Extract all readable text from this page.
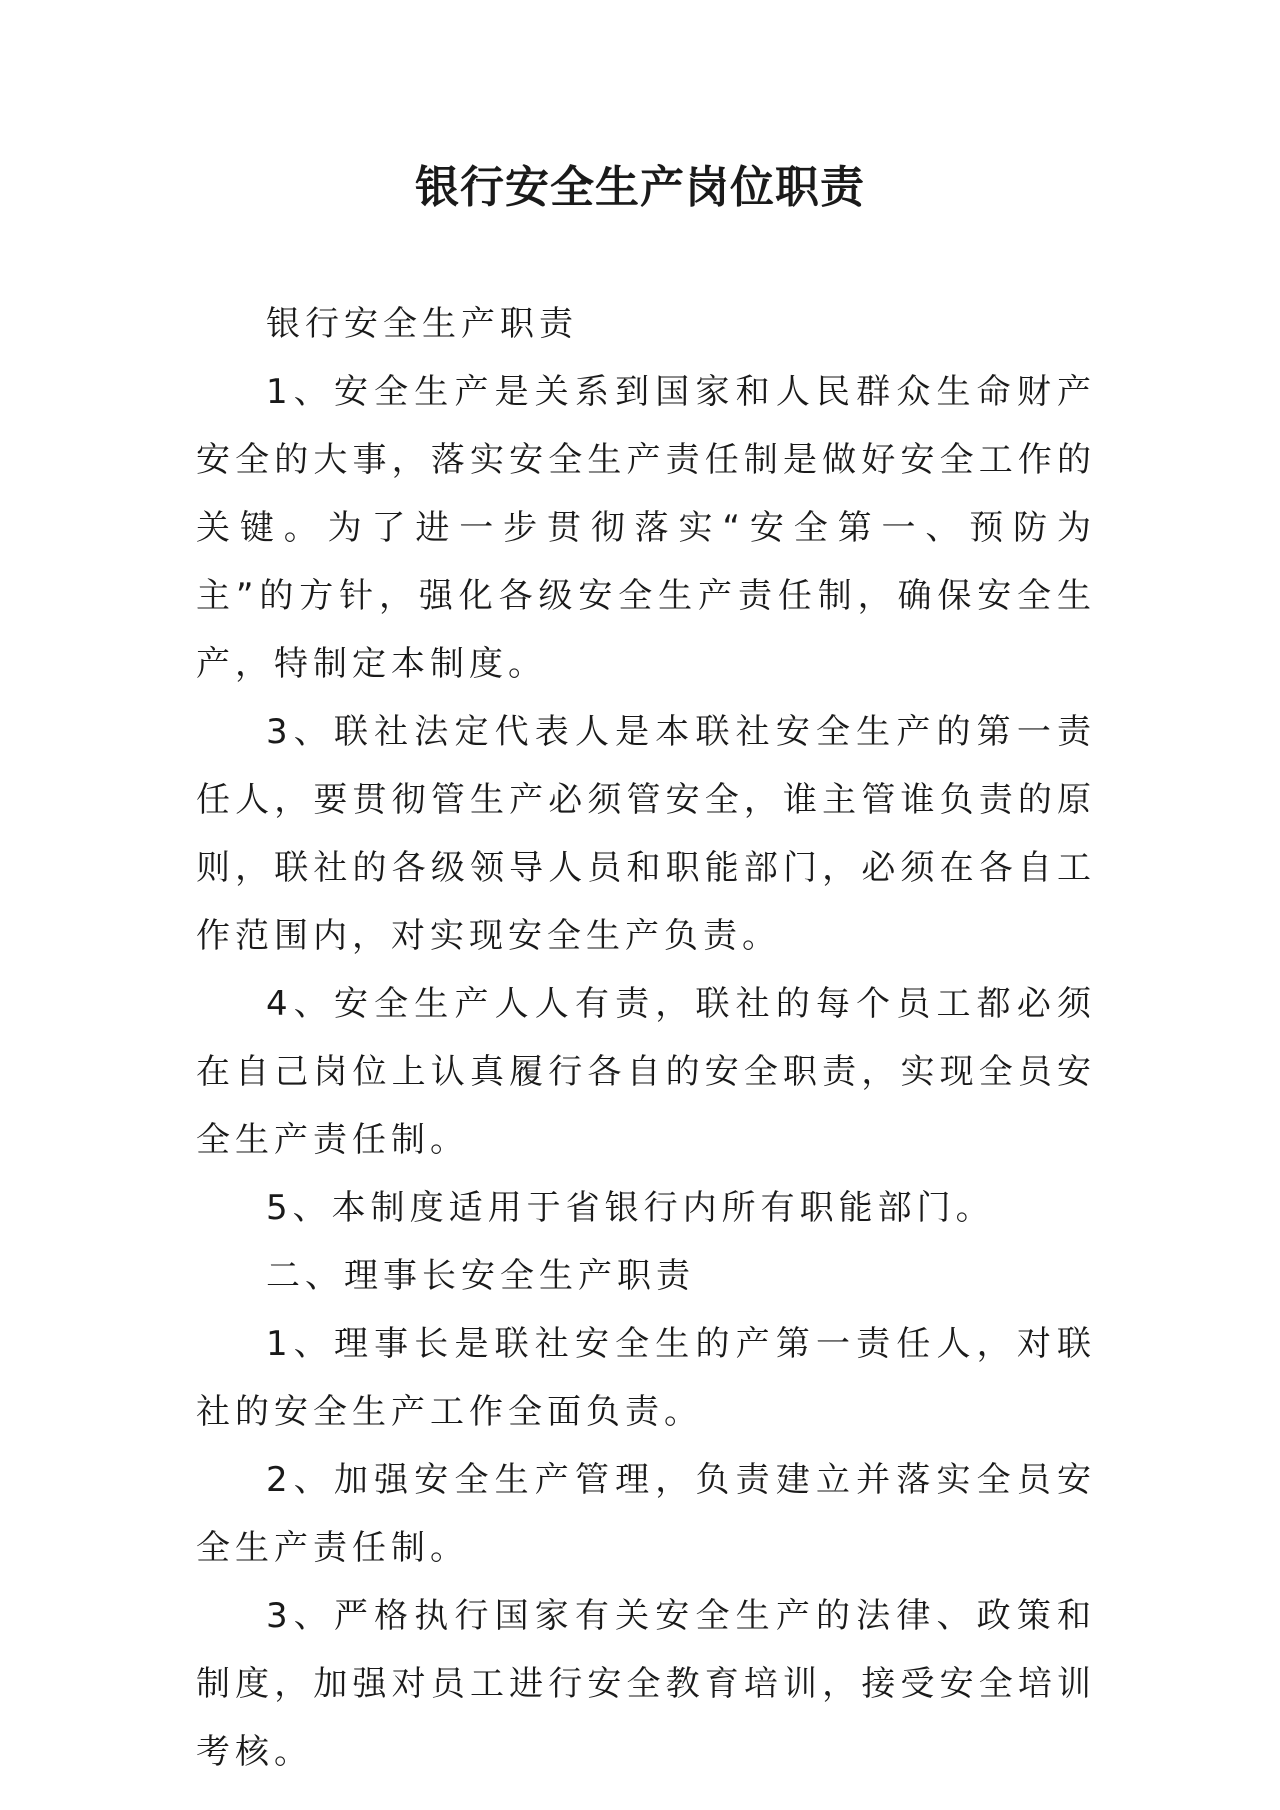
银行安全生产岗位职责

银行安全生产职责

1、安全生产是关系到国家和人民群众生命财产安全的大事，落实安全生产责任制是做好安全工作的关键。为了进一步贯彻落实“安全第一、预防为主”的方针，强化各级安全生产责任制，确保安全生产，特制定本制度。

3、联社法定代表人是本联社安全生产的第一责任人，要贯彻管生产必须管安全，谁主管谁负责的原则，联社的各级领导人员和职能部门，必须在各自工作范围内，对实现安全生产负责。

4、安全生产人人有责，联社的每个员工都必须在自己岗位上认真履行各自的安全职责，实现全员安全生产责任制。

5、本制度适用于省银行内所有职能部门。

二、理事长安全生产职责

1、理事长是联社安全生的产第一责任人，对联社的安全生产工作全面负责。

2、加强安全生产管理，负责建立并落实全员安全生产责任制。

3、严格执行国家有关安全生产的法律、政策和制度，加强对员工进行安全教育培训，接受安全培训考核。
